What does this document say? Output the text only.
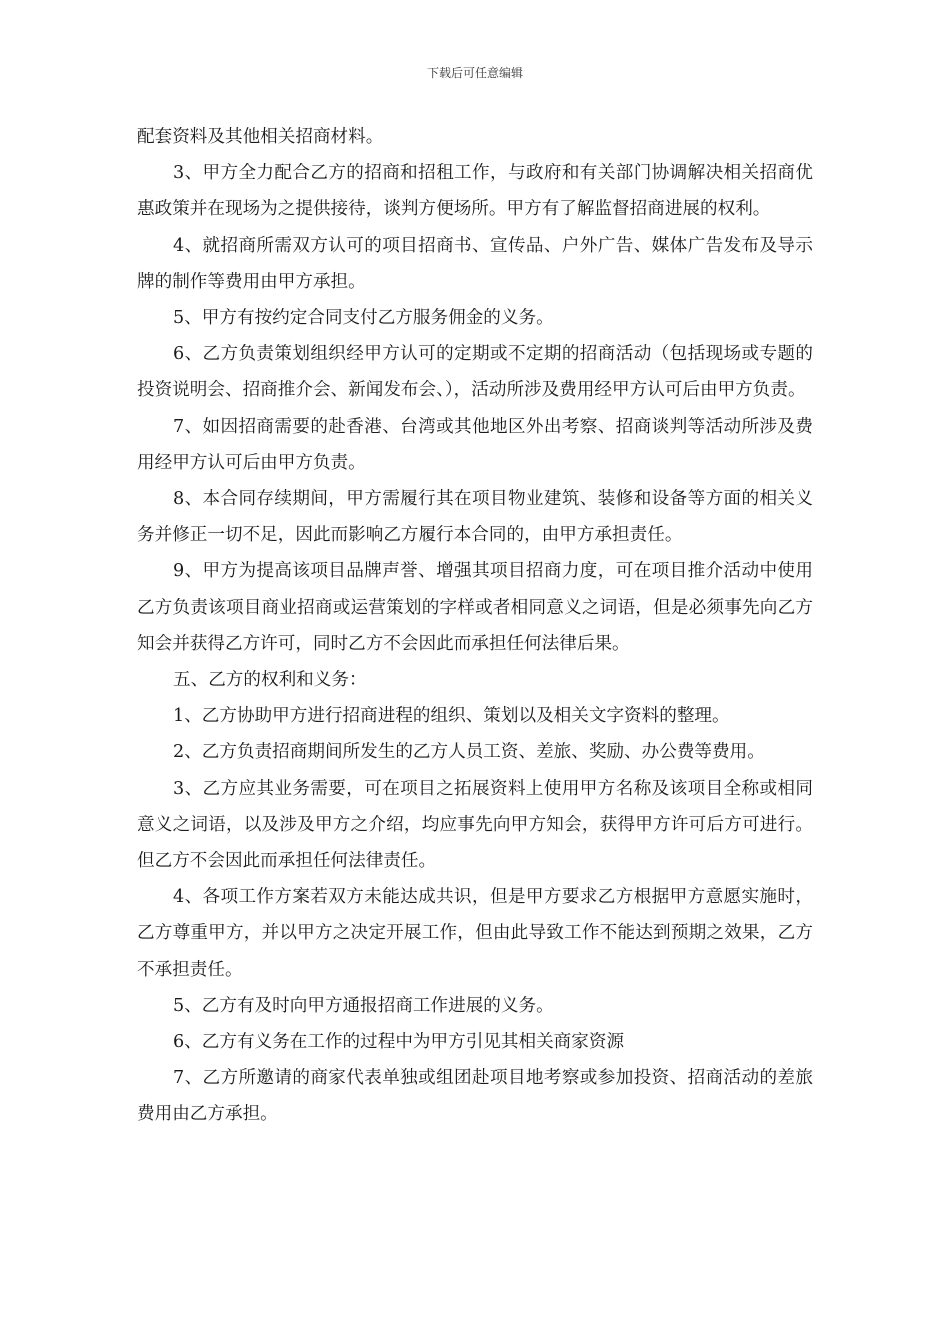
下载后可任意编辑

配套资料及其他相关招商材料。

3、甲方全力配合乙方的招商和招租工作，与政府和有关部门协调解决相关招商优惠政策并在现场为之提供接待，谈判方便场所。甲方有了解监督招商进展的权利。

4、就招商所需双方认可的项目招商书、宣传品、户外广告、媒体广告发布及导示牌的制作等费用由甲方承担。

5、甲方有按约定合同支付乙方服务佣金的义务。

6、乙方负责策划组织经甲方认可的定期或不定期的招商活动（包括现场或专题的投资说明会、招商推介会、新闻发布会、），活动所涉及费用经甲方认可后由甲方负责。

7、如因招商需要的赴香港、台湾或其他地区外出考察、招商谈判等活动所涉及费用经甲方认可后由甲方负责。

8、本合同存续期间，甲方需履行其在项目物业建筑、装修和设备等方面的相关义务并修正一切不足，因此而影响乙方履行本合同的，由甲方承担责任。

9、甲方为提高该项目品牌声誉、增强其项目招商力度，可在项目推介活动中使用乙方负责该项目商业招商或运营策划的字样或者相同意义之词语，但是必须事先向乙方知会并获得乙方许可，同时乙方不会因此而承担任何法律后果。

五、乙方的权利和义务：

1、乙方协助甲方进行招商进程的组织、策划以及相关文字资料的整理。

2、乙方负责招商期间所发生的乙方人员工资、差旅、奖励、办公费等费用。

3、乙方应其业务需要，可在项目之拓展资料上使用甲方名称及该项目全称或相同意义之词语，以及涉及甲方之介绍，均应事先向甲方知会，获得甲方许可后方可进行。但乙方不会因此而承担任何法律责任。

4、各项工作方案若双方未能达成共识，但是甲方要求乙方根据甲方意愿实施时，乙方尊重甲方，并以甲方之决定开展工作，但由此导致工作不能达到预期之效果，乙方不承担责任。

5、乙方有及时向甲方通报招商工作进展的义务。

6、乙方有义务在工作的过程中为甲方引见其相关商家资源

7、乙方所邀请的商家代表单独或组团赴项目地考察或参加投资、招商活动的差旅费用由乙方承担。
